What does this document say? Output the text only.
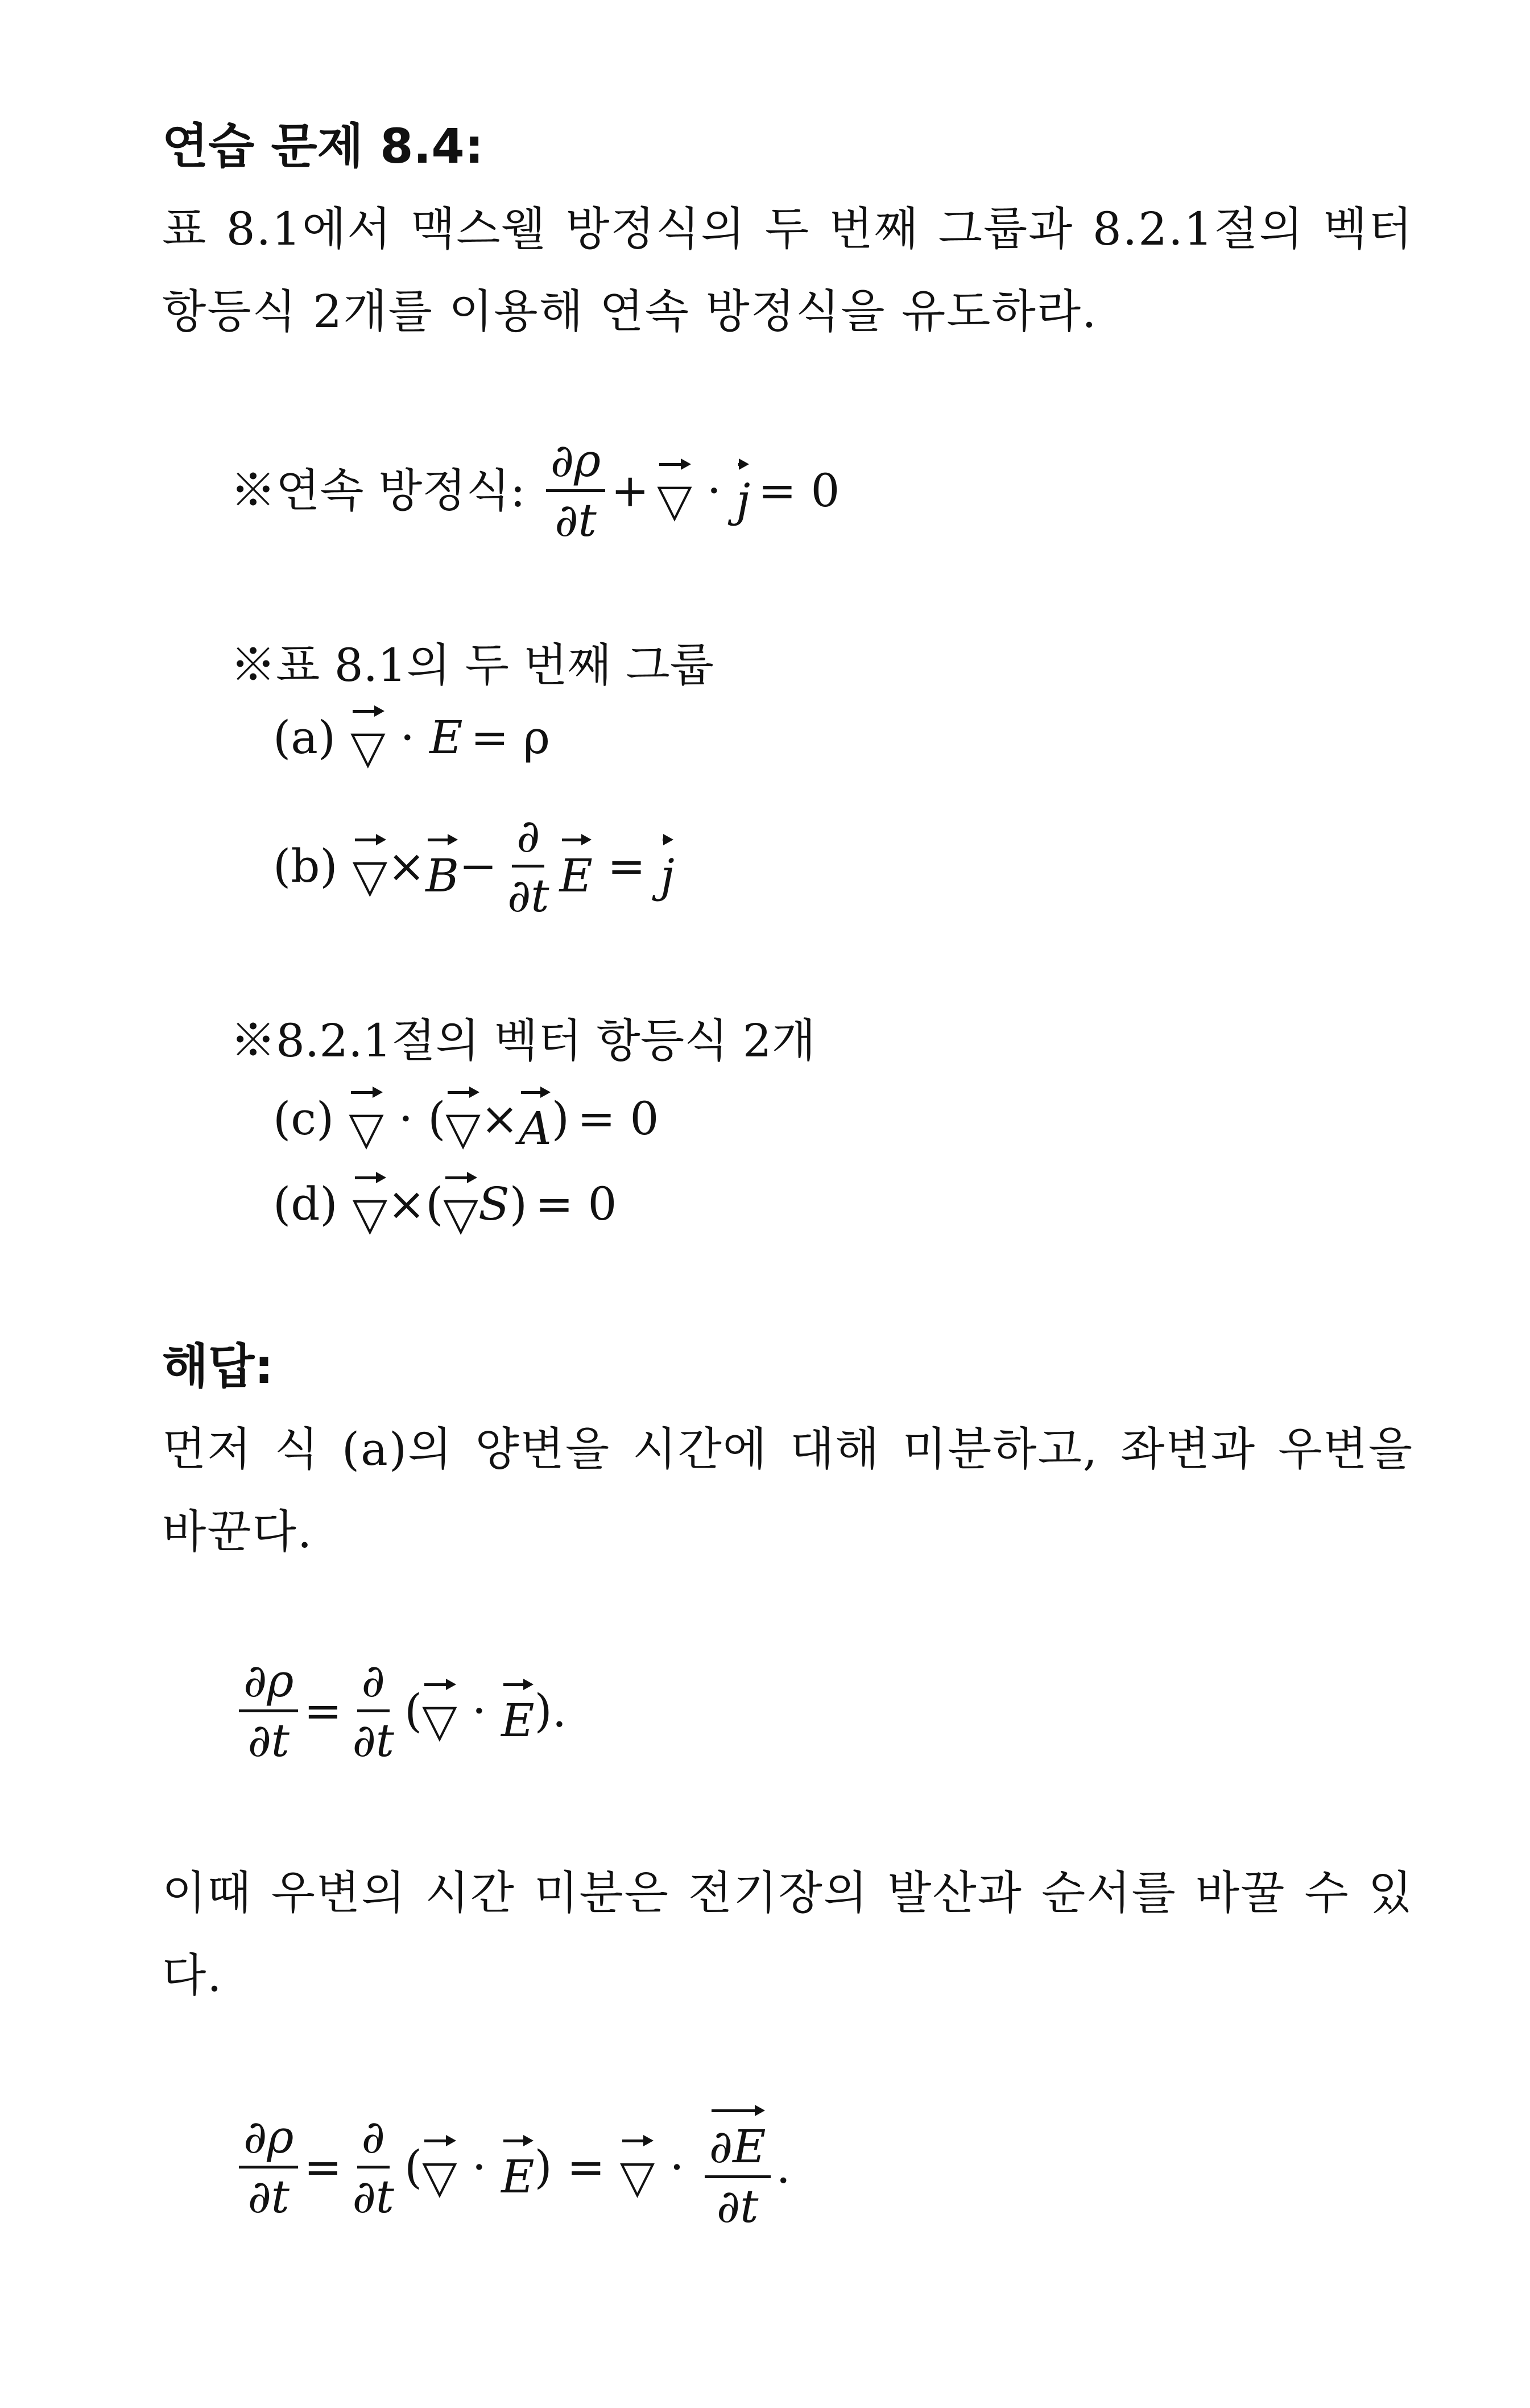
연습 문제 8.4:
표 8.1에서 맥스웰 방정식의 두 번째 그룹과 8.2.1절의 벡터 항등식 2개를 이용해 연속 방정식을 유도하라.
※연속 방정식: $\frac{\partial\rho}{\partial t}$ + ▽ · j = 0
※표 8.1의 두 번째 그룹
(a) ▽ · E = ρ
(b) ▽ × $B - \frac{\partial}{\partial t}$ E = j
※8.2.1절의 벡터 항등식 2개
(c) ▽ · ( ▽ × A ) = 0
(d) ▽ × ( ▽ S ) = 0
해답:
먼저 식 (a)의 양변을 시간에 대해 미분하고, 좌변과 우변을 바꾼다.
$\frac{\partial\rho}{\partial t} = \frac{\partial}{\partial t}$ ( ▽ · E ).
이때 우변의 시간 미분은 전기장의 발산과 순서를 바꿀 수 있다.
$\frac{\partial\rho}{\partial t} = \frac{\partial}{\partial t}$ ( ▽ · E ) = ▽ · $\frac{\partial E}{\partial t}$ .
